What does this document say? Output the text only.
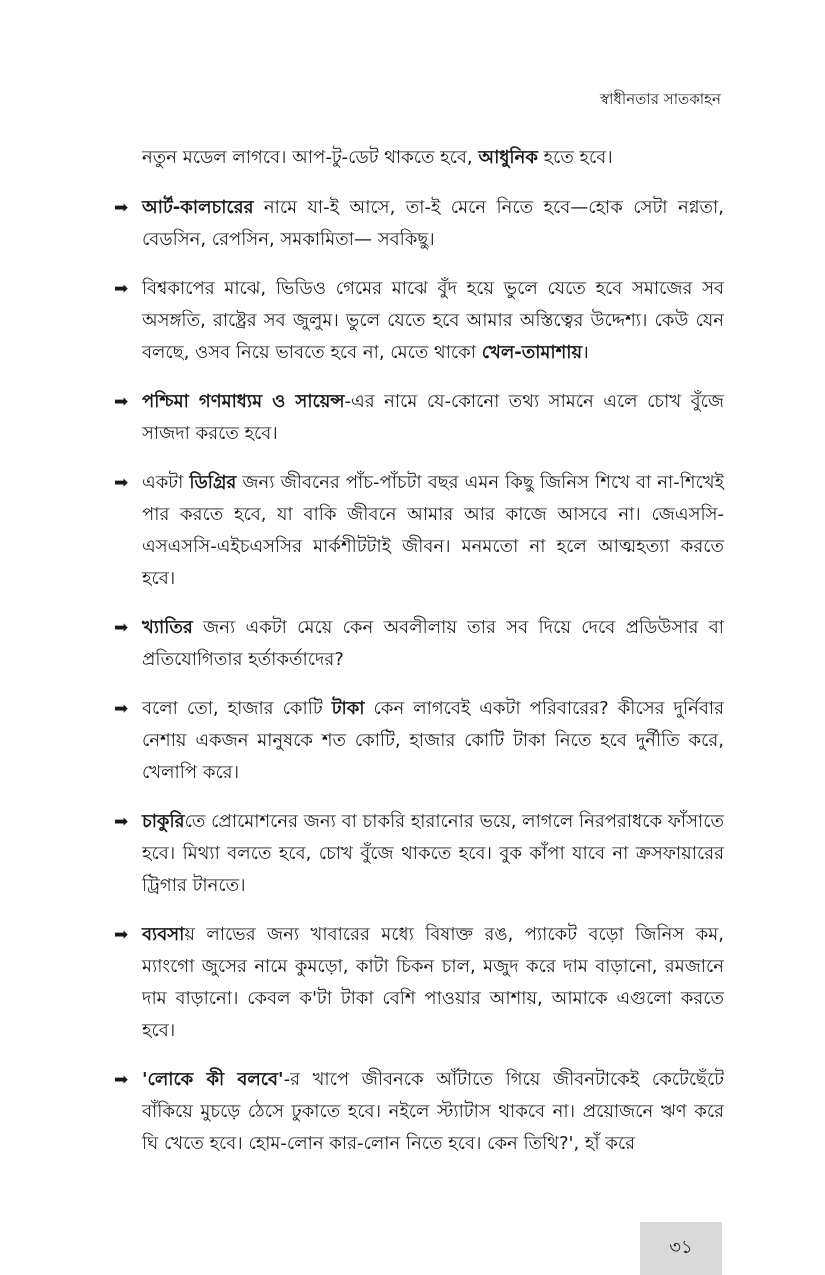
স্বাধীনতার সাতকাহন

নতুন মডেল লাগবে। আপ-টু-ডেট থাকতে হবে, আধুনিক হতে হবে।

➡ আর্ট-কালচারের নামে যা-ই আসে, তা-ই মেনে নিতে হবে—হোক সেটা নগ্নতা, বেডসিন, রেপসিন, সমকামিতা— সবকিছু।
➡ বিশ্বকাপের মাঝে, ভিডিও গেমের মাঝে বুঁদ হয়ে ভুলে যেতে হবে সমাজের সব অসঙ্গতি, রাষ্ট্রের সব জুলুম। ভুলে যেতে হবে আমার অস্তিত্বের উদ্দেশ্য। কেউ যেন বলছে, ওসব নিয়ে ভাবতে হবে না, মেতে থাকো খেল-তামাশায়।
➡ পশ্চিমা গণমাধ্যম ও সায়েন্স-এর নামে যে-কোনো তথ্য সামনে এলে চোখ বুঁজে সাজদা করতে হবে।
➡ একটা ডিগ্রির জন্য জীবনের পাঁচ-পাঁচটা বছর এমন কিছু জিনিস শিখে বা না-শিখেই পার করতে হবে, যা বাকি জীবনে আমার আর কাজে আসবে না। জেএসসি-এসএসসি-এইচএসসির মার্কশীটটাই জীবন। মনমতো না হলে আত্মহত্যা করতে হবে।
➡ খ্যাতির জন্য একটা মেয়ে কেন অবলীলায় তার সব দিয়ে দেবে প্রডিউসার বা প্রতিযোগিতার হর্তাকর্তাদের?
➡ বলো তো, হাজার কোটি টাকা কেন লাগবেই একটা পরিবারের? কীসের দুর্নিবার নেশায় একজন মানুষকে শত কোটি, হাজার কোটি টাকা নিতে হবে দুর্নীতি করে, খেলাপি করে।
➡ চাকুরিতে প্রোমোশনের জন্য বা চাকরি হারানোর ভয়ে, লাগলে নিরপরাধকে ফাঁসাতে হবে। মিথ্যা বলতে হবে, চোখ বুঁজে থাকতে হবে। বুক কাঁপা যাবে না ক্রসফায়ারের ট্রিগার টানতে।
➡ ব্যবসায় লাভের জন্য খাবারের মধ্যে বিষাক্ত রঙ, প্যাকেট বড়ো জিনিস কম, ম্যাংগো জুসের নামে কুমড়ো, কাটা চিকন চাল, মজুদ করে দাম বাড়ানো, রমজানে দাম বাড়ানো। কেবল ক'টা টাকা বেশি পাওয়ার আশায়, আমাকে এগুলো করতে হবে।
➡ 'লোকে কী বলবে'-র খাপে জীবনকে আঁটাতে গিয়ে জীবনটাকেই কেটেছেঁটে বাঁকিয়ে মুচড়ে ঠেসে ঢুকাতে হবে। নইলে স্ট্যাটাস থাকবে না। প্রয়োজনে ঋণ করে ঘি খেতে হবে। হোম-লোন কার-লোন নিতে হবে। কেন তিথি?', হাঁ করে
৩১
